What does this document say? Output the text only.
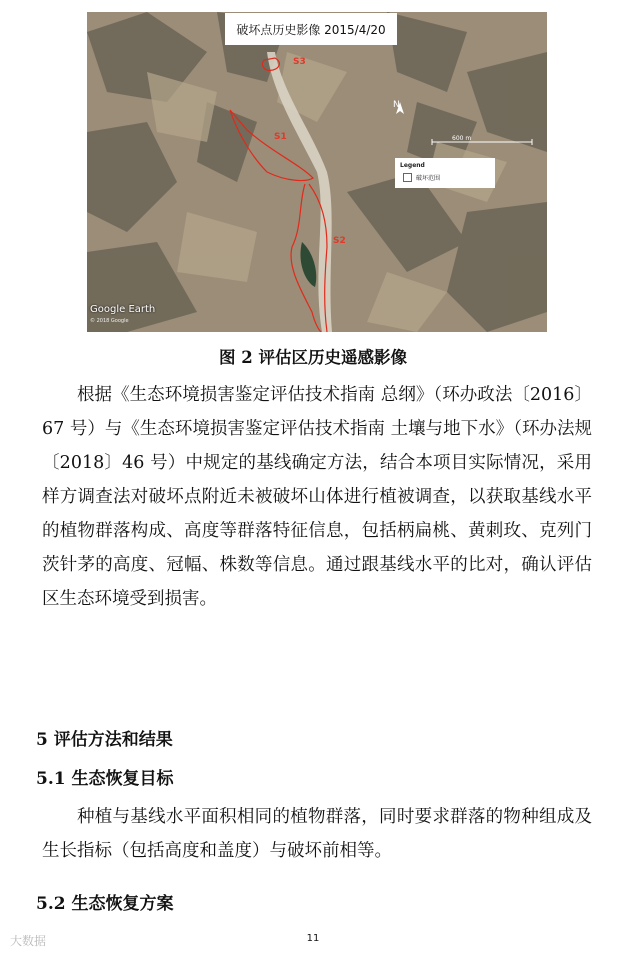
破坏点历史影像 2015/4/20
S3
S1
S2
N
600 m
Legend
破坏范围
Google Earth
© 2018 Google
图 2 评估区历史遥感影像
根据《生态环境损害鉴定评估技术指南 总纲》（环办政法〔2016〕67 号）与《生态环境损害鉴定评估技术指南 土壤与地下水》（环办法规〔2018〕46 号）中规定的基线确定方法，结合本项目实际情况，采用样方调查法对破坏点附近未被破坏山体进行植被调查，以获取基线水平的植物群落构成、高度等群落特征信息，包括柄扁桃、黄刺玫、克列门茨针茅的高度、冠幅、株数等信息。通过跟基线水平的比对，确认评估区生态环境受到损害。
5 评估方法和结果
5.1 生态恢复目标
种植与基线水平面积相同的植物群落，同时要求群落的物种组成及生长指标（包括高度和盖度）与破坏前相等。
5.2 生态恢复方案
大数据	11
